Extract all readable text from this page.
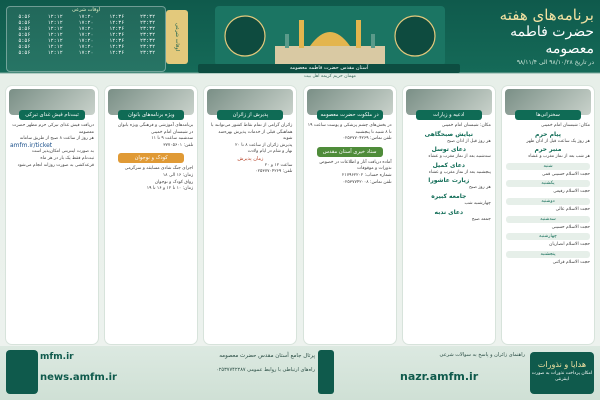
اوقات شرعی
۵:۵۶	۱۲:۱۲	۱۷:۲۰	۱۲:۳۶	۲۳:۳۲
۵:۵۶	۱۲:۱۲	۱۷:۲۰	۱۲:۳۶	۲۳:۳۲
۵:۵۶	۱۲:۱۲	۱۷:۲۰	۱۲:۳۶	۲۳:۳۲
۵:۵۶	۱۲:۱۲	۱۷:۲۰	۱۲:۳۶	۲۳:۳۲
۵:۵۶	۱۲:۱۲	۱۷:۲۰	۱۲:۳۶	۲۳:۳۲
۵:۵۶	۱۲:۱۲	۱۷:۲۰	۱۲:۳۶	۲۳:۳۲
۵:۵۶	۱۲:۱۲	۱۷:۲۰	۱۲:۳۶	۲۳:۳۲
اوقات شرعی
برنامه‌های هفته
حضرت فاطمه معصومه
در تاریخ ۹۸/۱۰/۲۸ الی ۹۸/۱۱/۴
آستان مقدس حضرت فاطمه معصومه
مهمان حریم کریمه اهل بیت
سخنرانی‌ها
مکان: شبستان امام خمینی
پیام حرم
هر روز یک ساعت قبل از اذان ظهر
منبر حرم
هر شب بعد از نماز مغرب و عشاء
شنبه
حجت الاسلام حسینی قمی
یکشنبه
حجت الاسلام رفیعی
دوشنبه
حجت الاسلام عالی
سه‌شنبه
حجت الاسلام حسینی
چهارشنبه
حجت الاسلام انصاریان
پنجشنبه
حجت الاسلام قرائتی
ادعیه و زیارات
مکان: شبستان امام خمینی
نیایش صبحگاهی
هر روز قبل از اذان صبح
دعای توسل
سه‌شنبه بعد از نماز مغرب و عشاء
دعای کمیل
پنجشنبه بعد از نماز مغرب و عشاء
زیارت عاشورا
هر روز صبح
جامعه کبیره
چهارشنبه شب
دعای ندبه
جمعه صبح
در ملکوت حضرت معصومه
در بخش‌های چشم پزشکی و پوست ساعت ۱۹ تا ۸ شنبه تا پنجشنبه
تلفن تماس: ۰۲۵۳۷۷۰۴۲۶۹
ستاد خیری آستان مقدس
آماده دریافت آثار و اطلاعات در خصوص نذورات و موقوفات
شماره حساب: ۲۱۷۹۶۲۲۰۲
تلفن تماس: ۰۲۵۳۷۷۴۲۰۰۸
پذیرش از زائران
زائران گرامی از تمام نقاط کشور می‌توانند با هماهنگی قبلی از خدمات پذیرش بهره‌مند شوند
پذیرش زائران از ساعت ۸ تا ۲۰
نهار و شام در ایام ولادت
زمان پذیرش
ساعت ۱۲ و ۲۰
تلفن: ۰۲۵۳۷۷۰۴۲۶۹
ویژه برنامه‌های بانوان
برنامه‌های آموزشی و فرهنگی ویژه بانوان
در شبستان امام خمینی
سه‌شنبه ساعت ۹ تا ۱۱
تلفن: ۳۷۷۰۵۶۰۱
کودک و نوجوان
اجرای جنگ شادی مسابقه و سرگرمی
زمان: ۱۶ الی ۱۸
رواق کودک و نوجوان
زمان: ۱۰ تا ۱۲ و ۱۶ تا ۱۹
ثبت‌نام فیش غذای تبرکی
دریافت فیش غذای تبرکی حرم مطهر حضرت معصومه
هر روز از ساعت ۸ صبح از طریق سامانه
amfm.ir/ticket
به صورت اینترنتی امکان‌پذیر است
ثبت‌نام فقط یک بار در هر ماه
قرعه‌کشی به صورت روزانه انجام می‌شود
mfm.ir
news.amfm.ir
پرتال جامع آستان مقدس حضرت معصومه
راه‌های ارتباطی با روابط عمومی ۰۲۵۳۷۷۴۲۲۸۷
راهنمای زائران و پاسخ به سوالات شرعی
nazr.amfm.ir
هدایا و نذورات
امکان پرداخت نذورات به صورت اینترنتی
